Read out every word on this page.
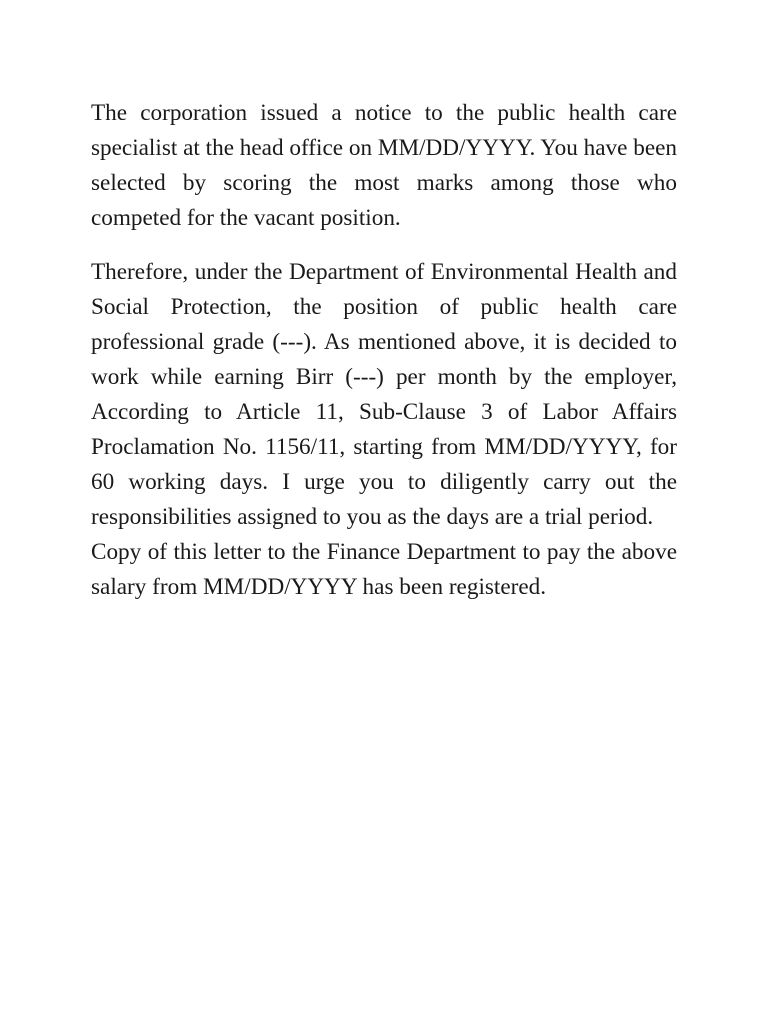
The corporation issued a notice to the public health care specialist at the head office on MM/DD/YYYY. You have been selected by scoring the most marks among those who competed for the vacant position.

Therefore, under the Department of Environmental Health and Social Protection, the position of public health care professional grade (---). As mentioned above, it is decided to work while earning Birr (---) per month by the employer, According to Article 11, Sub-Clause 3 of Labor Affairs Proclamation No. 1156/11, starting from MM/DD/YYYY, for 60 working days. I urge you to diligently carry out the responsibilities assigned to you as the days are a trial period.

Copy of this letter to the Finance Department to pay the above salary from MM/DD/YYYY has been registered.
